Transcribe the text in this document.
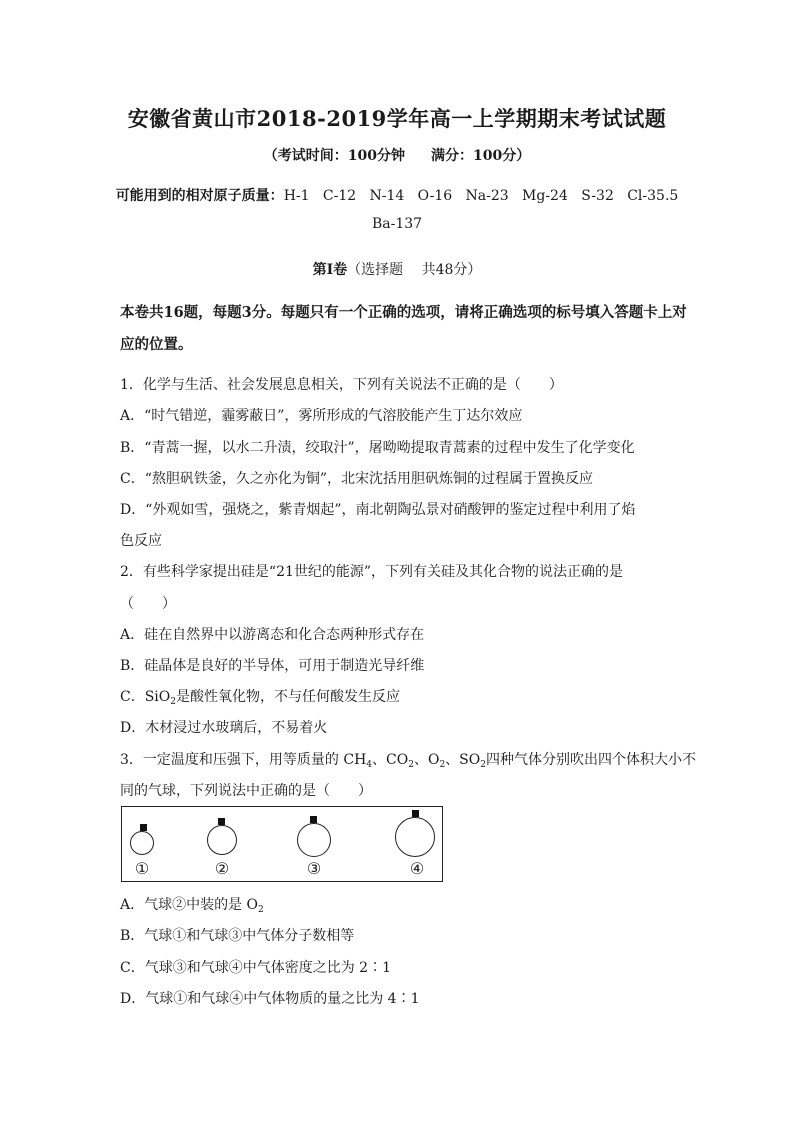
安徽省黄山市2018-2019学年高一上学期期末考试试题
（考试时间：100分钟 满分：100分）
可能用到的相对原子质量：H-1   C-12   N-14   O-16   Na-23   Mg-24   S-32   Cl-35.5
Ba-137
第Ⅰ卷（选择题　 共48分）
本卷共16题，每题3分。每题只有一个正确的选项，请将正确选项的标号填入答题卡上对
应的位置。
1．化学与生活、社会发展息息相关，下列有关说法不正确的是（　　）
A．“时气错逆，霾雾蔽日”，雾所形成的气溶胶能产生丁达尔效应
B．“青蒿一握，以水二升渍，绞取汁”，屠呦呦提取青蒿素的过程中发生了化学变化
C．“熬胆矾铁釜，久之亦化为铜”，北宋沈括用胆矾炼铜的过程属于置换反应
D．“外观如雪，强烧之，紫青烟起”，南北朝陶弘景对硝酸钾的鉴定过程中利用了焰
色反应
2．有些科学家提出硅是“21世纪的能源”，下列有关硅及其化合物的说法正确的是
（　　）
A．硅在自然界中以游离态和化合态两种形式存在
B．硅晶体是良好的半导体，可用于制造光导纤维
C．SiO$_2$是酸性氧化物，不与任何酸发生反应
D．木材浸过水玻璃后，不易着火
3．一定温度和压强下，用等质量的 $CH_4$、$CO_2$、$O_2$、$SO_2$四种气体分别吹出四个体积大小不
同的气球，下列说法中正确的是（　　）
①	②	③	④
A．气球②中装的是 $O_2$
B．气球①和气球③中气体分子数相等
C．气球③和气球④中气体密度之比为 2∶1
D．气球①和气球④中气体物质的量之比为 4∶1
